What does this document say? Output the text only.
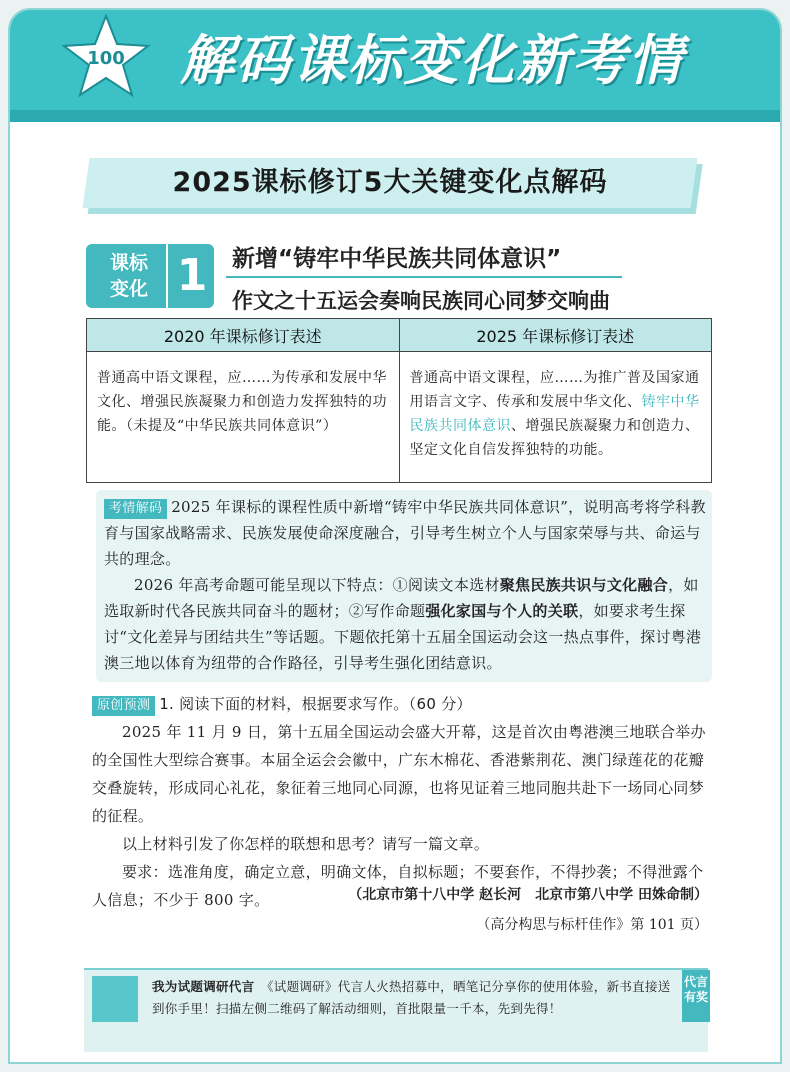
100 解码课标变化新考情
2025课标修订5大关键变化点解码
课标
变化 1	新增“铸牢中华民族共同体意识”
作文之十五运会奏响民族同心同梦交响曲
2020 年课标修订表述	2025 年课标修订表述
普通高中语文课程，应……为传承和发展中华文化、增强民族凝聚力和创造力发挥独特的功能。（未提及“中华民族共同体意识”）	普通高中语文课程，应……为推广普及国家通用语言文字、传承和发展中华文化、铸牢中华民族共同体意识、增强民族凝聚力和创造力、坚定文化自信发挥独特的功能。

考情解码 2025 年课标的课程性质中新增“铸牢中华民族共同体意识”，说明高考将学科教育与国家战略需求、民族发展使命深度融合，引导考生树立个人与国家荣辱与共、命运与共的理念。

2026 年高考命题可能呈现以下特点：①阅读文本选材聚焦民族共识与文化融合，如选取新时代各民族共同奋斗的题材；②写作命题强化家国与个人的关联，如要求考生探讨“文化差异与团结共生”等话题。下题依托第十五届全国运动会这一热点事件，探讨粤港澳三地以体育为纽带的合作路径，引导考生强化团结意识。

原创预测 1. 阅读下面的材料，根据要求写作。（60 分）

2025 年 11 月 9 日，第十五届全国运动会盛大开幕，这是首次由粤港澳三地联合举办的全国性大型综合赛事。本届全运会会徽中，广东木棉花、香港紫荆花、澳门绿莲花的花瓣交叠旋转，形成同心礼花，象征着三地同心同源，也将见证着三地同胞共赴下一场同心同梦的征程。

以上材料引发了你怎样的联想和思考？请写一篇文章。

要求：选准角度，确定立意，明确文体，自拟标题；不要套作，不得抄袭；不得泄露个人信息；不少于 800 字。	（北京市第十八中学 赵长河　北京市第八中学 田姝命制）
（高分构思与标杆佳作》第 101 页）
我为试题调研代言　 《试题调研》代言人火热招募中，晒笔记分享你的使用体验，新书直接送到你手里！扫描左侧二维码了解活动细则，首批限量一千本，先到先得！
代言
有奖
